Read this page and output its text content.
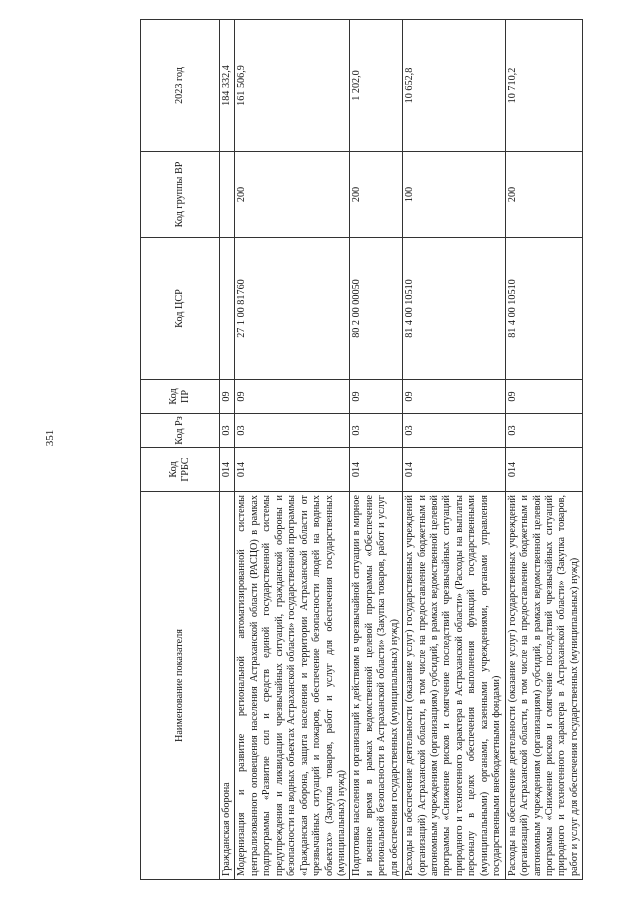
351
Наименование показателя	Код ГРБС	Код Рз	Код ПР	Код ЦСР	Код группы ВР	2023 год
Гражданская оборона	014	03	09			184 332,4
Модернизация и развитие региональной автоматизированной системы централизованного оповещения населения Астраханской области (РАСЦО) в рамках подпрограммы «Развитие сил и средств единой государственной системы предупреждения и ликвидации чрезвычайных ситуаций, гражданской обороны и безопасности на водных объектах Астраханской области» государственной программы «Гражданская оборона, защита населения и территории Астраханской области от чрезвычайных ситуаций и пожаров, обеспечение безопасности людей на водных объектах» (Закупка товаров, работ и услуг для обеспечения государственных (муниципальных) нужд)	014	03	09	27 1 00 81760	200	161 506,9
Подготовка населения и организаций к действиям в чрезвычайной ситуации в мирное и военное время в рамках ведомственной целевой программы «Обеспечение региональной безопасности в Астраханской области» (Закупка товаров, работ и услуг для обеспечения государственных (муниципальных) нужд)	014	03	09	80 2 00 00050	200	1 202,0
Расходы на обеспечение деятельности (оказание услуг) государственных учреждений (организаций) Астраханской области, в том числе на предоставление бюджетным и автономным учреждениям (организациям) субсидий, в рамках ведомственной целевой программы «Снижение рисков и смягчение последствий чрезвычайных ситуаций природного и техногенного характера в Астраханской области» (Расходы на выплаты персоналу в целях обеспечения выполнения функций государственными (муниципальными) органами, казенными учреждениями, органами управления государственными внебюджетными фондами)	014	03	09	81 4 00 10510	100	10 652,8
Расходы на обеспечение деятельности (оказание услуг) государственных учреждений (организаций) Астраханской области, в том числе на предоставление бюджетным и автономным учреждениям (организациям) субсидий, в рамках ведомственной целевой программы «Снижение рисков и смягчение последствий чрезвычайных ситуаций природного и техногенного характера в Астраханской области» (Закупка товаров, работ и услуг для обеспечения государственных (муниципальных) нужд)	014	03	09	81 4 00 10510	200	10 710,2
